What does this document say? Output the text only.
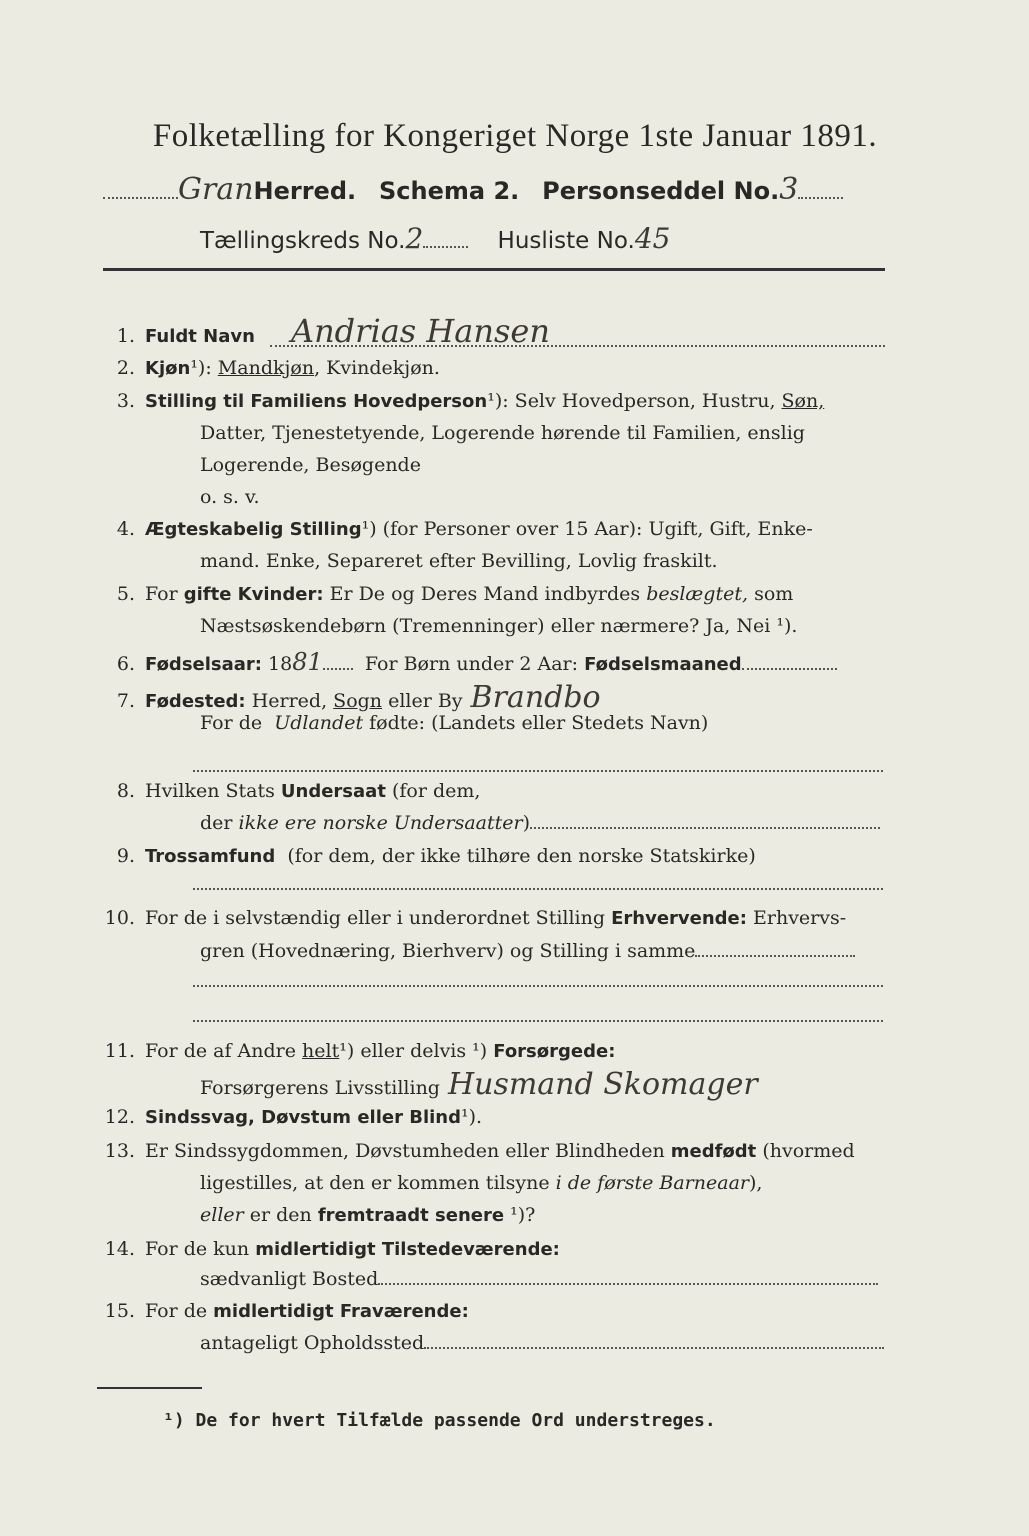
Folketælling for Kongeriget Norge 1ste Januar 1891.
GranHerred. Schema 2. Personseddel No.3
Tællingskreds No.2	Husliste No.45
1. Fuldt Navn Andrias Hansen
2. Kjøn¹): Mandkjøn, Kvindekjøn.
3. Stilling til Familiens Hovedperson¹): Selv Hovedperson, Hustru, Søn,
Datter, Tjenestetyende, Logerende hørende til Familien, enslig
Logerende, Besøgende
o. s. v.
4. Ægteskabelig Stilling¹) (for Personer over 15 Aar): Ugift, Gift, Enke-
mand. Enke, Separeret efter Bevilling, Lovlig fraskilt.
5. For gifte Kvinder: Er De og Deres Mand indbyrdes beslægtet, som
Næstsøskendebørn (Tremenninger) eller nærmere? Ja, Nei ¹).
6. Fødselsaar: 1881 For Børn under 2 Aar: Fødselsmaaned
7. Fødested: Herred, Sogn eller By Brandbo
For de Udlandet fødte: (Landets eller Stedets Navn)
8. Hvilken Stats Undersaat (for dem,
der ikke ere norske Undersaatter)
9. Trossamfund (for dem, der ikke tilhøre den norske Statskirke)
10. For de i selvstændig eller i underordnet Stilling Erhvervende: Erhvervs-
gren (Hovednæring, Bierhverv) og Stilling i samme
11. For de af Andre helt¹) eller delvis ¹) Forsørgede:
Forsørgerens Livsstilling Husmand Skomager
12. Sindssvag, Døvstum eller Blind¹).
13. Er Sindssygdommen, Døvstumheden eller Blindheden medfødt (hvormed
ligestilles, at den er kommen tilsyne i de første Barneaar),
eller er den fremtraadt senere ¹)?
14. For de kun midlertidigt Tilstedeværende:
sædvanligt Bosted
15. For de midlertidigt Fraværende:
antageligt Opholdssted
¹) De for hvert Tilfælde passende Ord understreges.
